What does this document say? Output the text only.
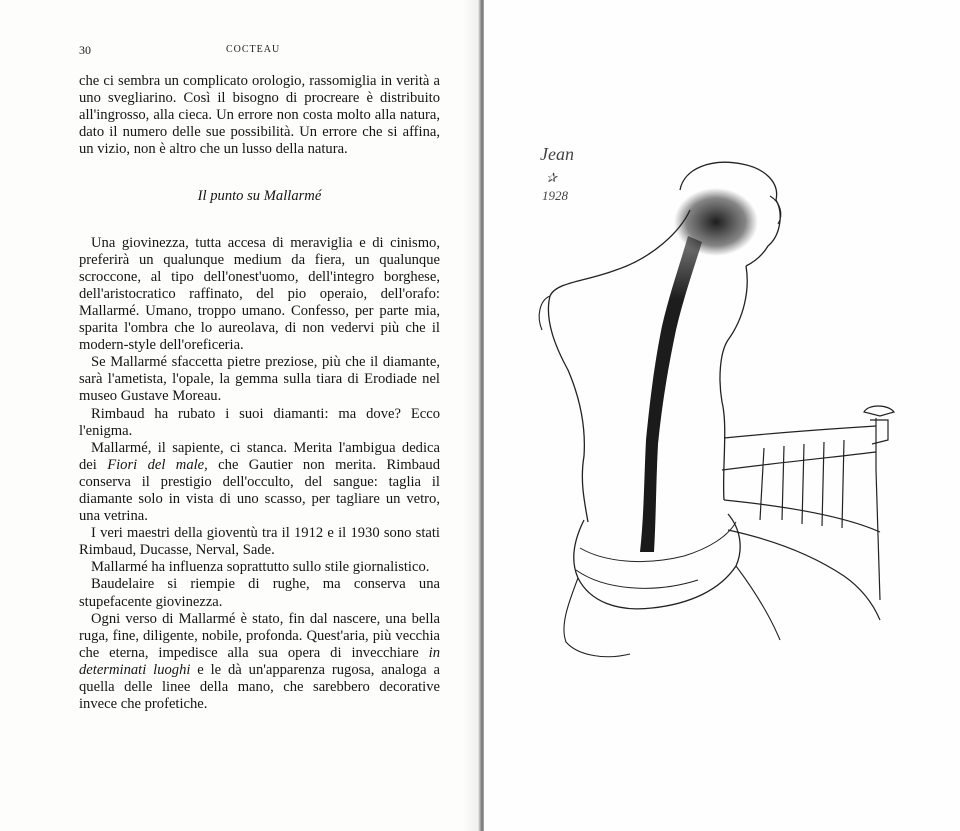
30	COCTEAU

che ci sembra un complicato orologio, rassomiglia in verità a uno svegliarino. Così il bisogno di procreare è distribuito all'ingrosso, alla cieca. Un errore non costa molto alla natura, dato il numero delle sue possibilità. Un errore che si affina, un vizio, non è altro che un lusso della natura.

Il punto su Mallarmé

Una giovinezza, tutta accesa di meraviglia e di cinismo, preferirà un qualunque medium da fiera, un qualunque scroccone, al tipo dell'onest'uomo, dell'integro borghese, dell'aristocratico raffinato, del pio operaio, dell'orafo: Mallarmé. Umano, troppo umano. Confesso, per parte mia, sparita l'ombra che lo aureolava, di non vedervi più che il modern-style dell'oreficeria.

Se Mallarmé sfaccetta pietre preziose, più che il diamante, sarà l'ametista, l'opale, la gemma sulla tiara di Erodiade nel museo Gustave Moreau.

Rimbaud ha rubato i suoi diamanti: ma dove? Ecco l'enigma.

Mallarmé, il sapiente, ci stanca. Merita l'ambigua dedica dei Fiori del male, che Gautier non merita. Rimbaud conserva il prestigio dell'occulto, del sangue: taglia il diamante solo in vista di uno scasso, per tagliare un vetro, una vetrina.

I veri maestri della gioventù tra il 1912 e il 1930 sono stati Rimbaud, Ducasse, Nerval, Sade.

Mallarmé ha influenza soprattutto sullo stile giornalistico.

Baudelaire si riempie di rughe, ma conserva una stupefacente giovinezza.

Ogni verso di Mallarmé è stato, fin dal nascere, una bella ruga, fine, diligente, nobile, profonda. Quest'aria, più vecchia che eterna, impedisce alla sua opera di invecchiare in determinati luoghi e le dà un'apparenza rugosa, analoga a quella delle linee della mano, che sarebbero decorative invece che profetiche.

Jean
✰
1928
